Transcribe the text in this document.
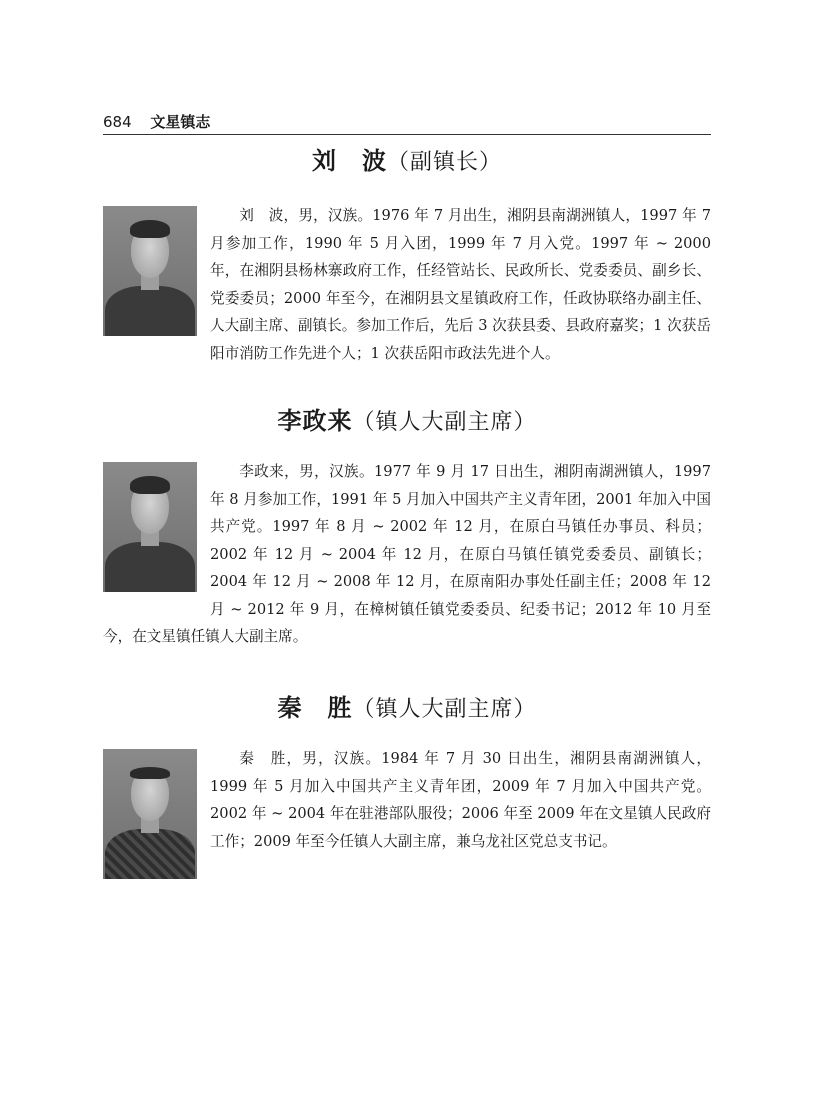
684 文星镇志
刘　波（副镇长）

刘　波，男，汉族。1976 年 7 月出生，湘阴县南湖洲镇人，1997 年 7 月参加工作，1990 年 5 月入团，1999 年 7 月入党。1997 年 ~ 2000 年，在湘阴县杨林寨政府工作，任经管站长、民政所长、党委委员、副乡长、党委委员；2000 年至今，在湘阴县文星镇政府工作，任政协联络办副主任、人大副主席、副镇长。参加工作后，先后 3 次获县委、县政府嘉奖；1 次获岳阳市消防工作先进个人；1 次获岳阳市政法先进个人。

李政来（镇人大副主席）

李政来，男，汉族。1977 年 9 月 17 日出生，湘阴南湖洲镇人，1997 年 8 月参加工作，1991 年 5 月加入中国共产主义青年团，2001 年加入中国共产党。1997 年 8 月 ~ 2002 年 12 月，在原白马镇任办事员、科员；2002 年 12 月 ~ 2004 年 12 月，在原白马镇任镇党委委员、副镇长；2004 年 12 月 ~ 2008 年 12 月，在原南阳办事处任副主任；2008 年 12 月 ~ 2012 年 9 月，在樟树镇任镇党委委员、纪委书记；2012 年 10 月至今，在文星镇任镇人大副主席。

秦　胜（镇人大副主席）

秦　胜，男，汉族。1984 年 7 月 30 日出生，湘阴县南湖洲镇人，1999 年 5 月加入中国共产主义青年团，2009 年 7 月加入中国共产党。2002 年 ~ 2004 年在驻港部队服役；2006 年至 2009 年在文星镇人民政府工作；2009 年至今任镇人大副主席，兼乌龙社区党总支书记。
